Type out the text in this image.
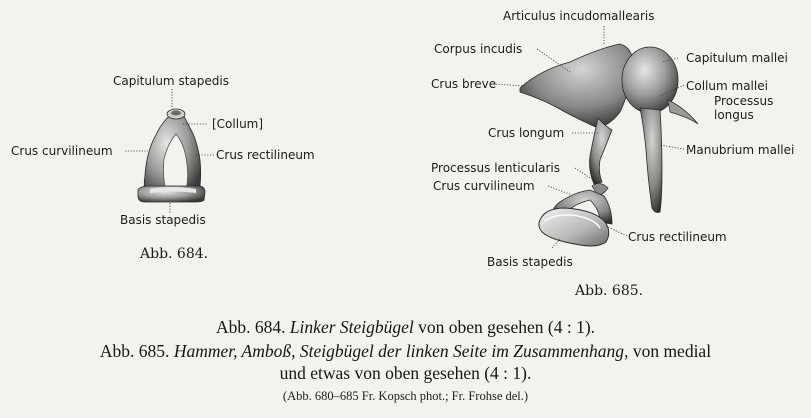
Capitulum stapedis
[Collum]
Crus curvilineum	Crus rectilineum
Basis stapedis
Abb. 684.
Articulus incudomallearis
Corpus incudis
Capitulum mallei
Crus breve	Collum mallei
Processus
longus
Crus longum
Manubrium mallei
Processus lenticularis
Crus curvilineum
Crus rectilineum
Basis stapedis
Abb. 685.
Abb. 684. Linker Steigbügel von oben gesehen (4 : 1).
Abb. 685. Hammer, Amboß, Steigbügel der linken Seite im Zusammenhang, von medial
und etwas von oben gesehen (4 : 1).
(Abb. 680–685 Fr. Kopsch phot.; Fr. Frohse del.)
